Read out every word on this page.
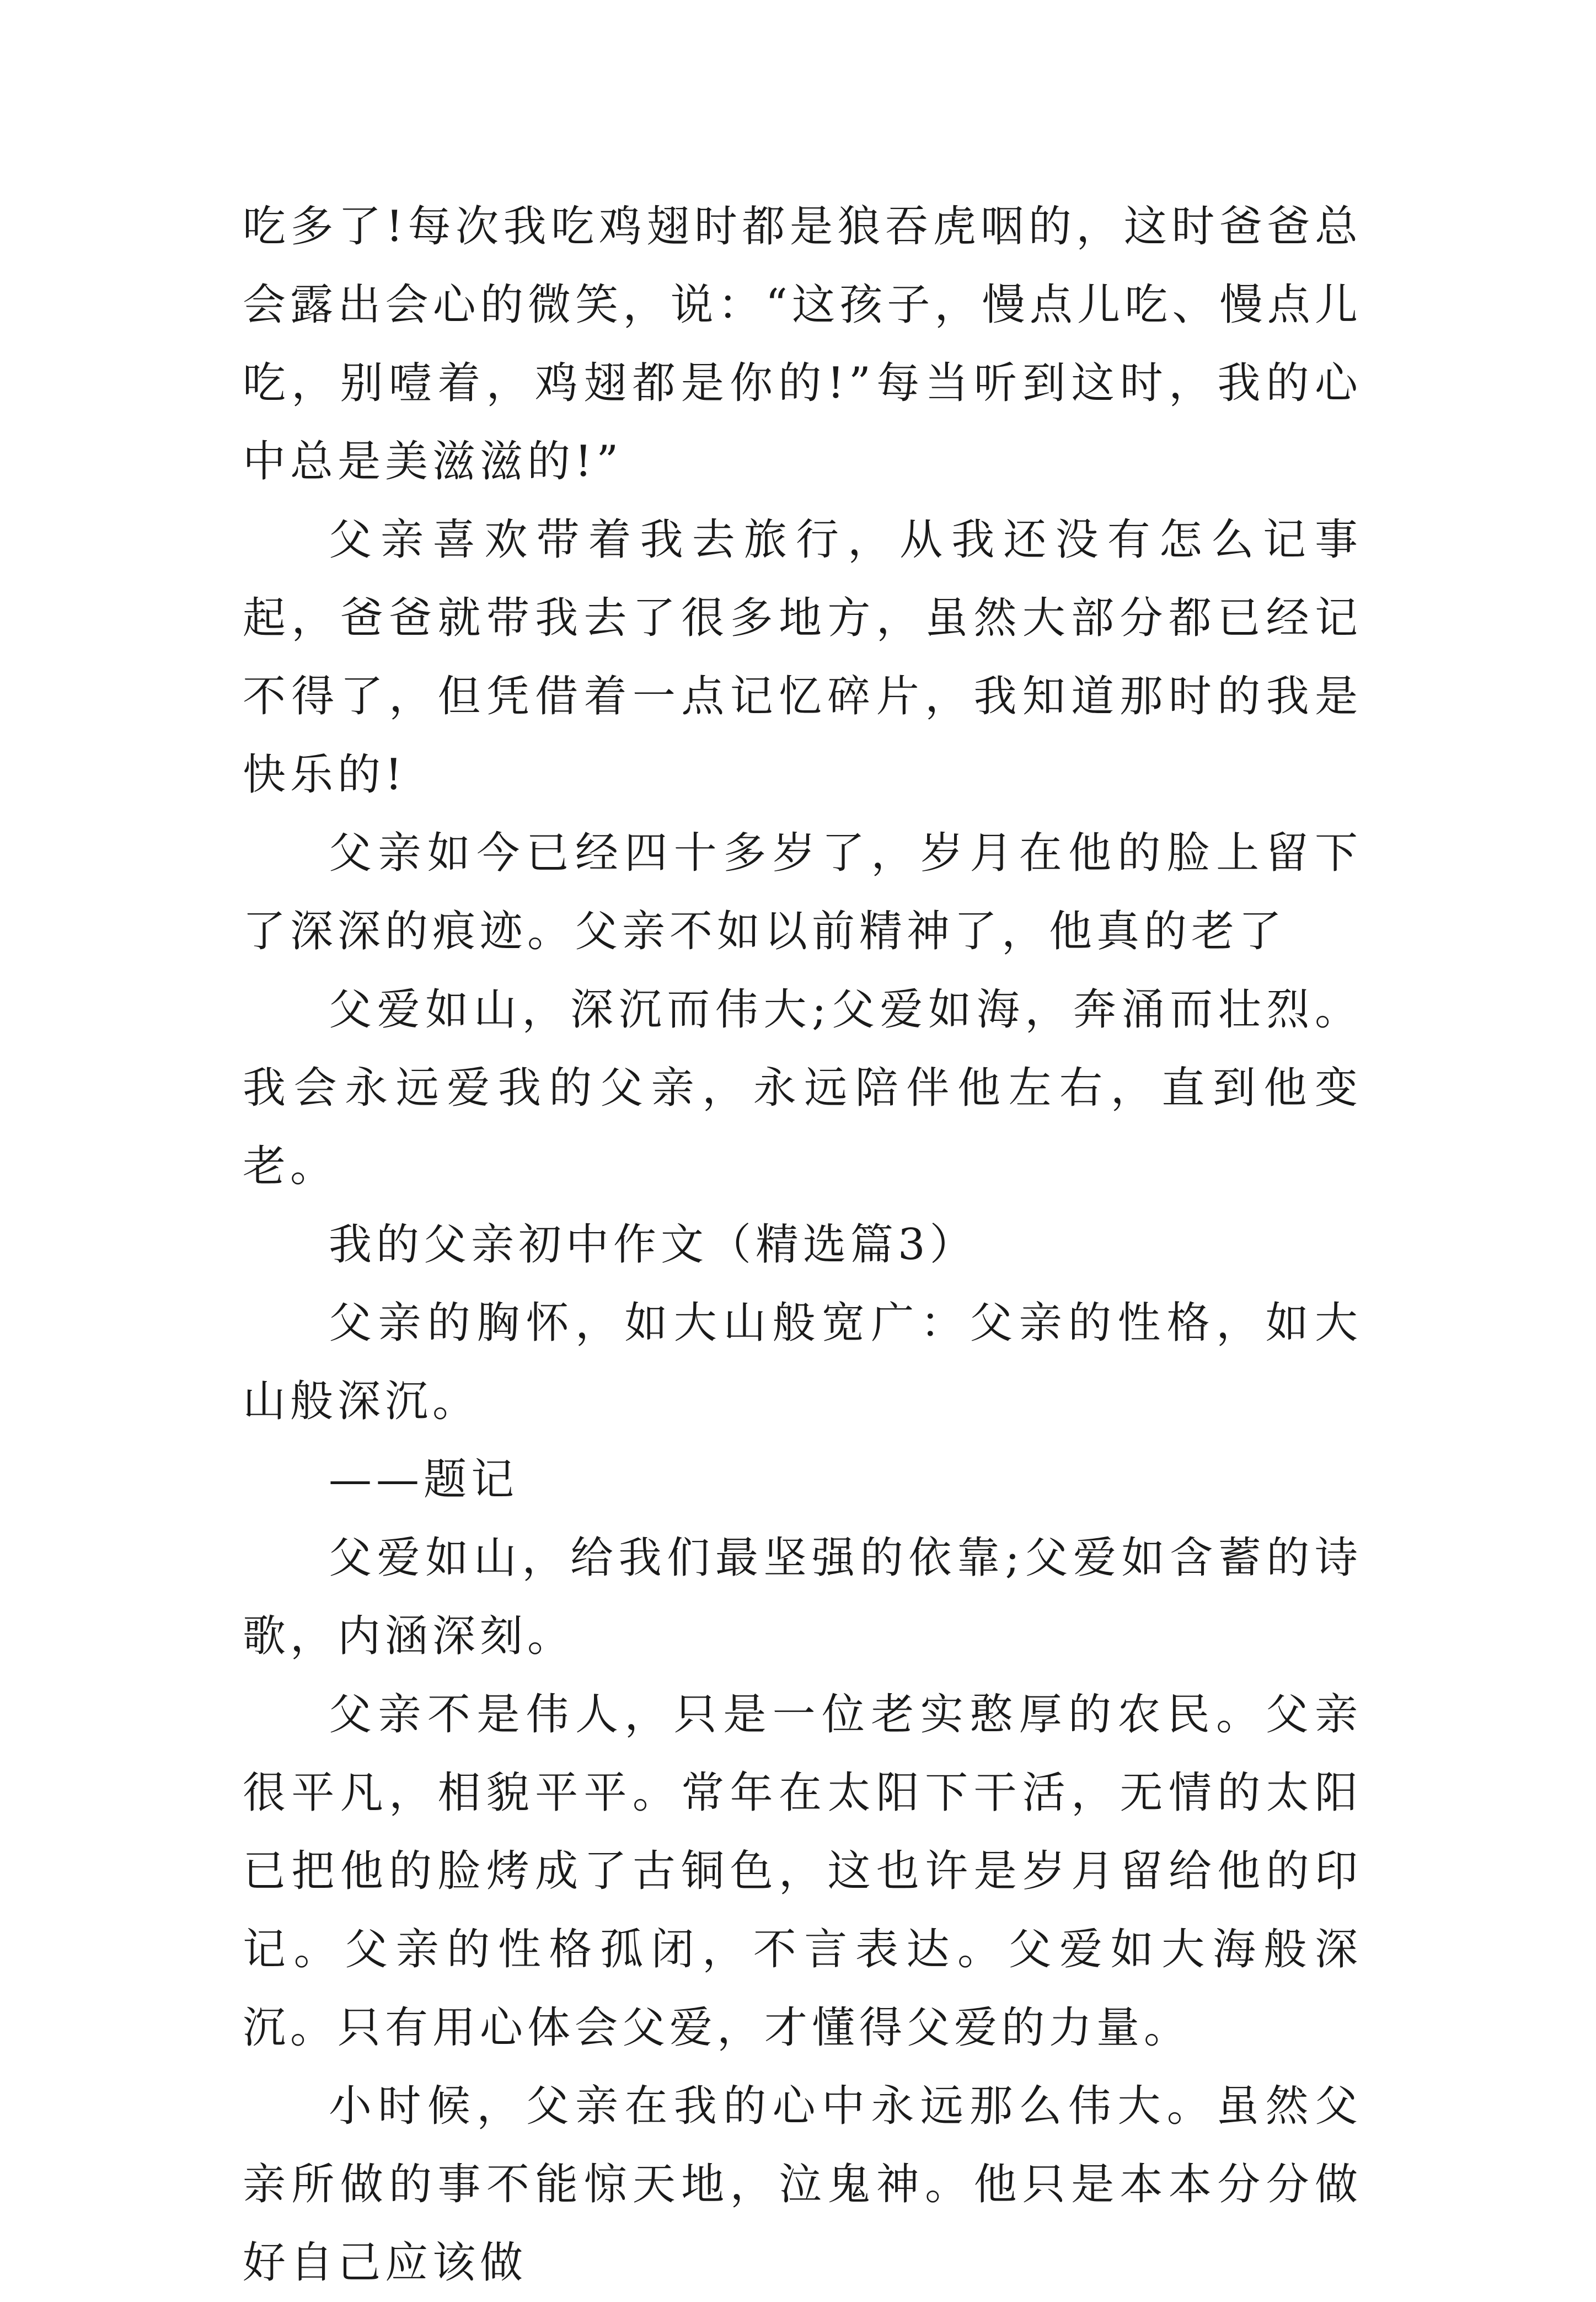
吃多了!每次我吃鸡翅时都是狼吞虎咽的，这时爸爸总会露出会心的微笑，说：“这孩子，慢点儿吃、慢点儿吃，别噎着，鸡翅都是你的!”每当听到这时，我的心中总是美滋滋的!”

父亲喜欢带着我去旅行，从我还没有怎么记事起，爸爸就带我去了很多地方，虽然大部分都已经记不得了，但凭借着一点记忆碎片，我知道那时的我是快乐的!

父亲如今已经四十多岁了，岁月在他的脸上留下了深深的痕迹。父亲不如以前精神了，他真的老了

父爱如山，深沉而伟大;父爱如海，奔涌而壮烈。我会永远爱我的父亲，永远陪伴他左右，直到他变老。

我的父亲初中作文（精选篇3）

父亲的胸怀，如大山般宽广：父亲的性格，如大山般深沉。

——题记

父爱如山，给我们最坚强的依靠;父爱如含蓄的诗歌，内涵深刻。

父亲不是伟人，只是一位老实憨厚的农民。父亲很平凡，相貌平平。常年在太阳下干活，无情的太阳已把他的脸烤成了古铜色，这也许是岁月留给他的印记。父亲的性格孤闭，不言表达。父爱如大海般深沉。只有用心体会父爱，才懂得父爱的力量。

小时候，父亲在我的心中永远那么伟大。虽然父亲所做的事不能惊天地，泣鬼神。他只是本本分分做好自己应该做
